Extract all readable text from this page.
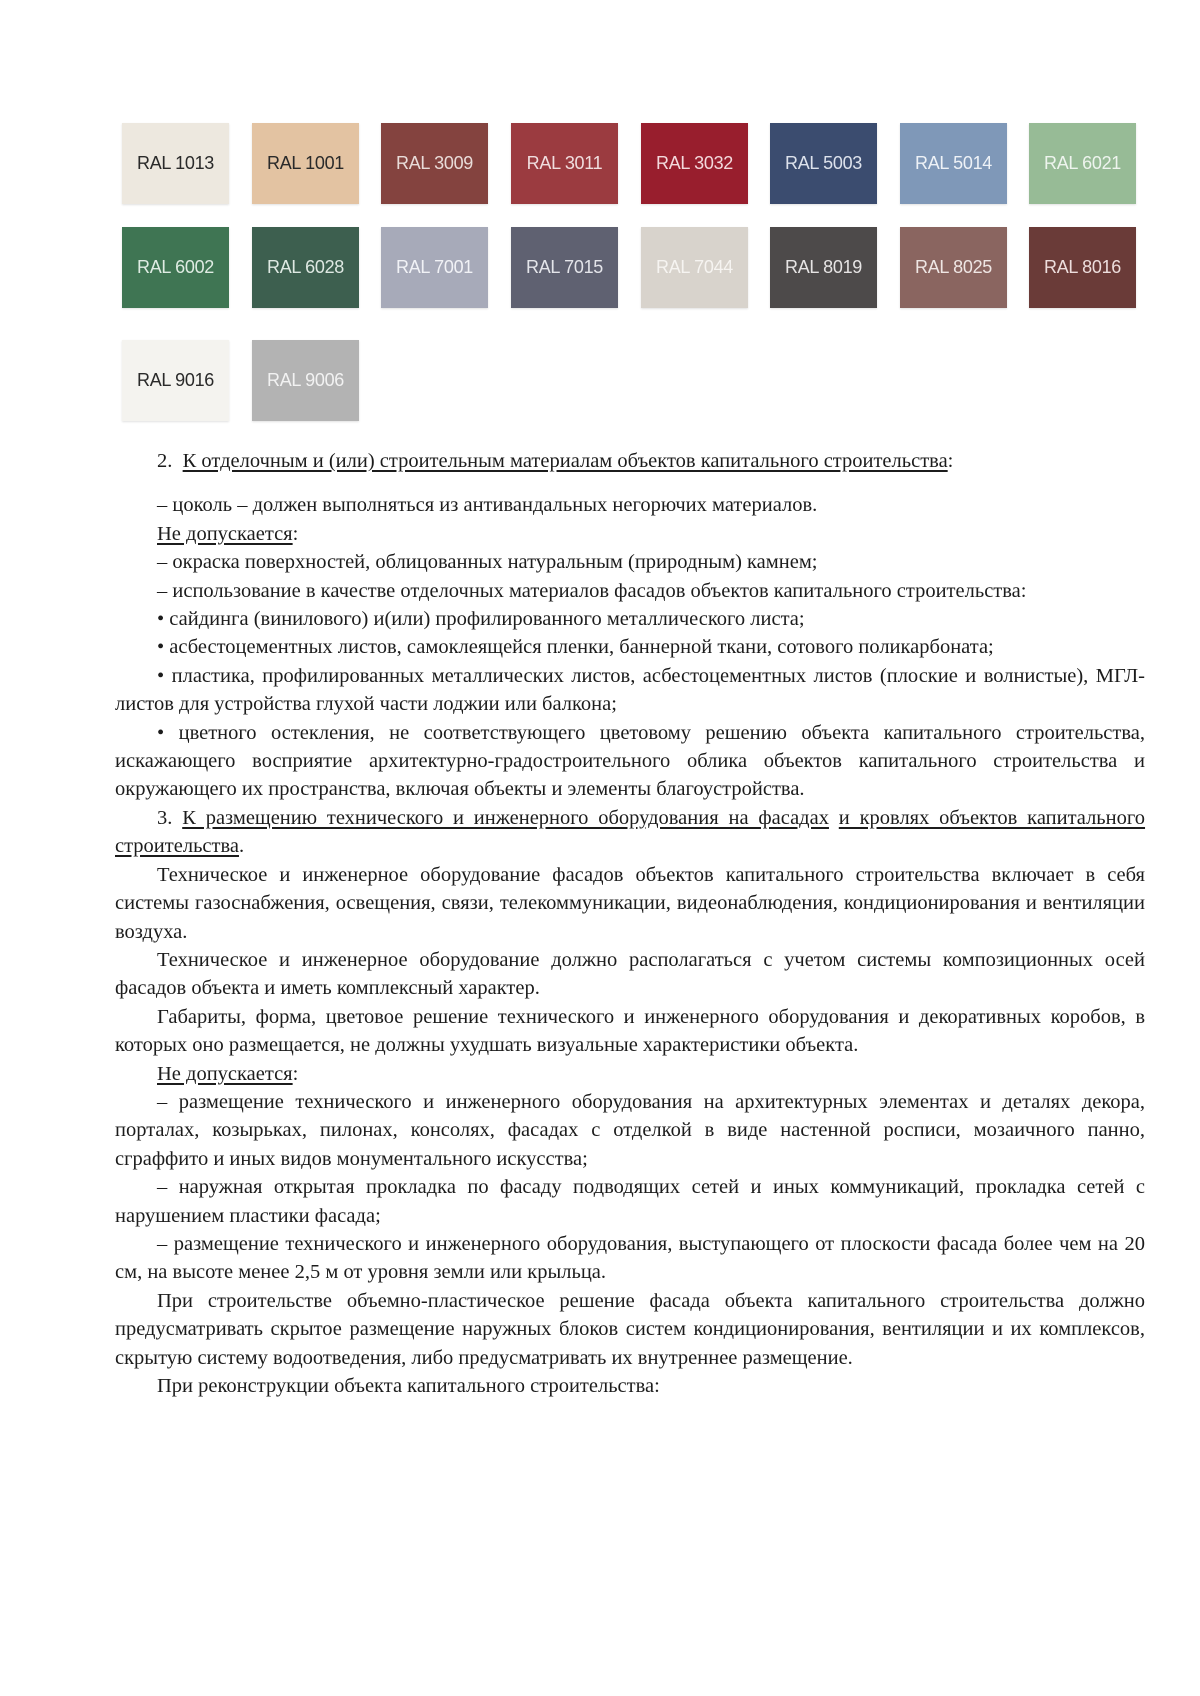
RAL 1013	RAL 1001	RAL 3009	RAL 3011	RAL 3032	RAL 5003	RAL 5014	RAL 6021
RAL 6002	RAL 6028	RAL 7001	RAL 7015	RAL 7044	RAL 8019	RAL 8025	RAL 8016
RAL 9016	RAL 9006

2. К отделочным и (или) строительным материалам объектов капитального строительства:

– цоколь – должен выполняться из антивандальных негорючих материалов.

Не допускается:

– окраска поверхностей, облицованных натуральным (природным) камнем;

– использование в качестве отделочных материалов фасадов объектов капитального строительства:

• сайдинга (винилового) и(или) профилированного металлического листа;

• асбестоцементных листов, самоклеящейся пленки, баннерной ткани, сотового поликарбоната;

• пластика, профилированных металлических листов, асбестоцементных листов (плоские и волнистые), МГЛ-листов для устройства глухой части лоджии или балкона;

• цветного остекления, не соответствующего цветовому решению объекта капитального строительства, искажающего восприятие архитектурно-градостроительного облика объектов капитального строительства и окружающего их пространства, включая объекты и элементы благоустройства.

3. К размещению технического и инженерного оборудования на фасадах и кровлях объектов капитального строительства.

Техническое и инженерное оборудование фасадов объектов капитального строительства включает в себя системы газоснабжения, освещения, связи, телекоммуникации, видеонаблюдения, кондиционирования и вентиляции воздуха.

Техническое и инженерное оборудование должно располагаться с учетом системы композиционных осей фасадов объекта и иметь комплексный характер.

Габариты, форма, цветовое решение технического и инженерного оборудования и декоративных коробов, в которых оно размещается, не должны ухудшать визуальные характеристики объекта.

Не допускается:

– размещение технического и инженерного оборудования на архитектурных элементах и деталях декора, порталах, козырьках, пилонах, консолях, фасадах с отделкой в виде настенной росписи, мозаичного панно, сграффито и иных видов монументального искусства;

– наружная открытая прокладка по фасаду подводящих сетей и иных коммуникаций, прокладка сетей с нарушением пластики фасада;

– размещение технического и инженерного оборудования, выступающего от плоскости фасада более чем на 20 см, на высоте менее 2,5 м от уровня земли или крыльца.

При строительстве объемно-пластическое решение фасада объекта капитального строительства должно предусматривать скрытое размещение наружных блоков систем кондиционирования, вентиляции и их комплексов, скрытую систему водоотведения, либо предусматривать их внутреннее размещение.

При реконструкции объекта капитального строительства:
